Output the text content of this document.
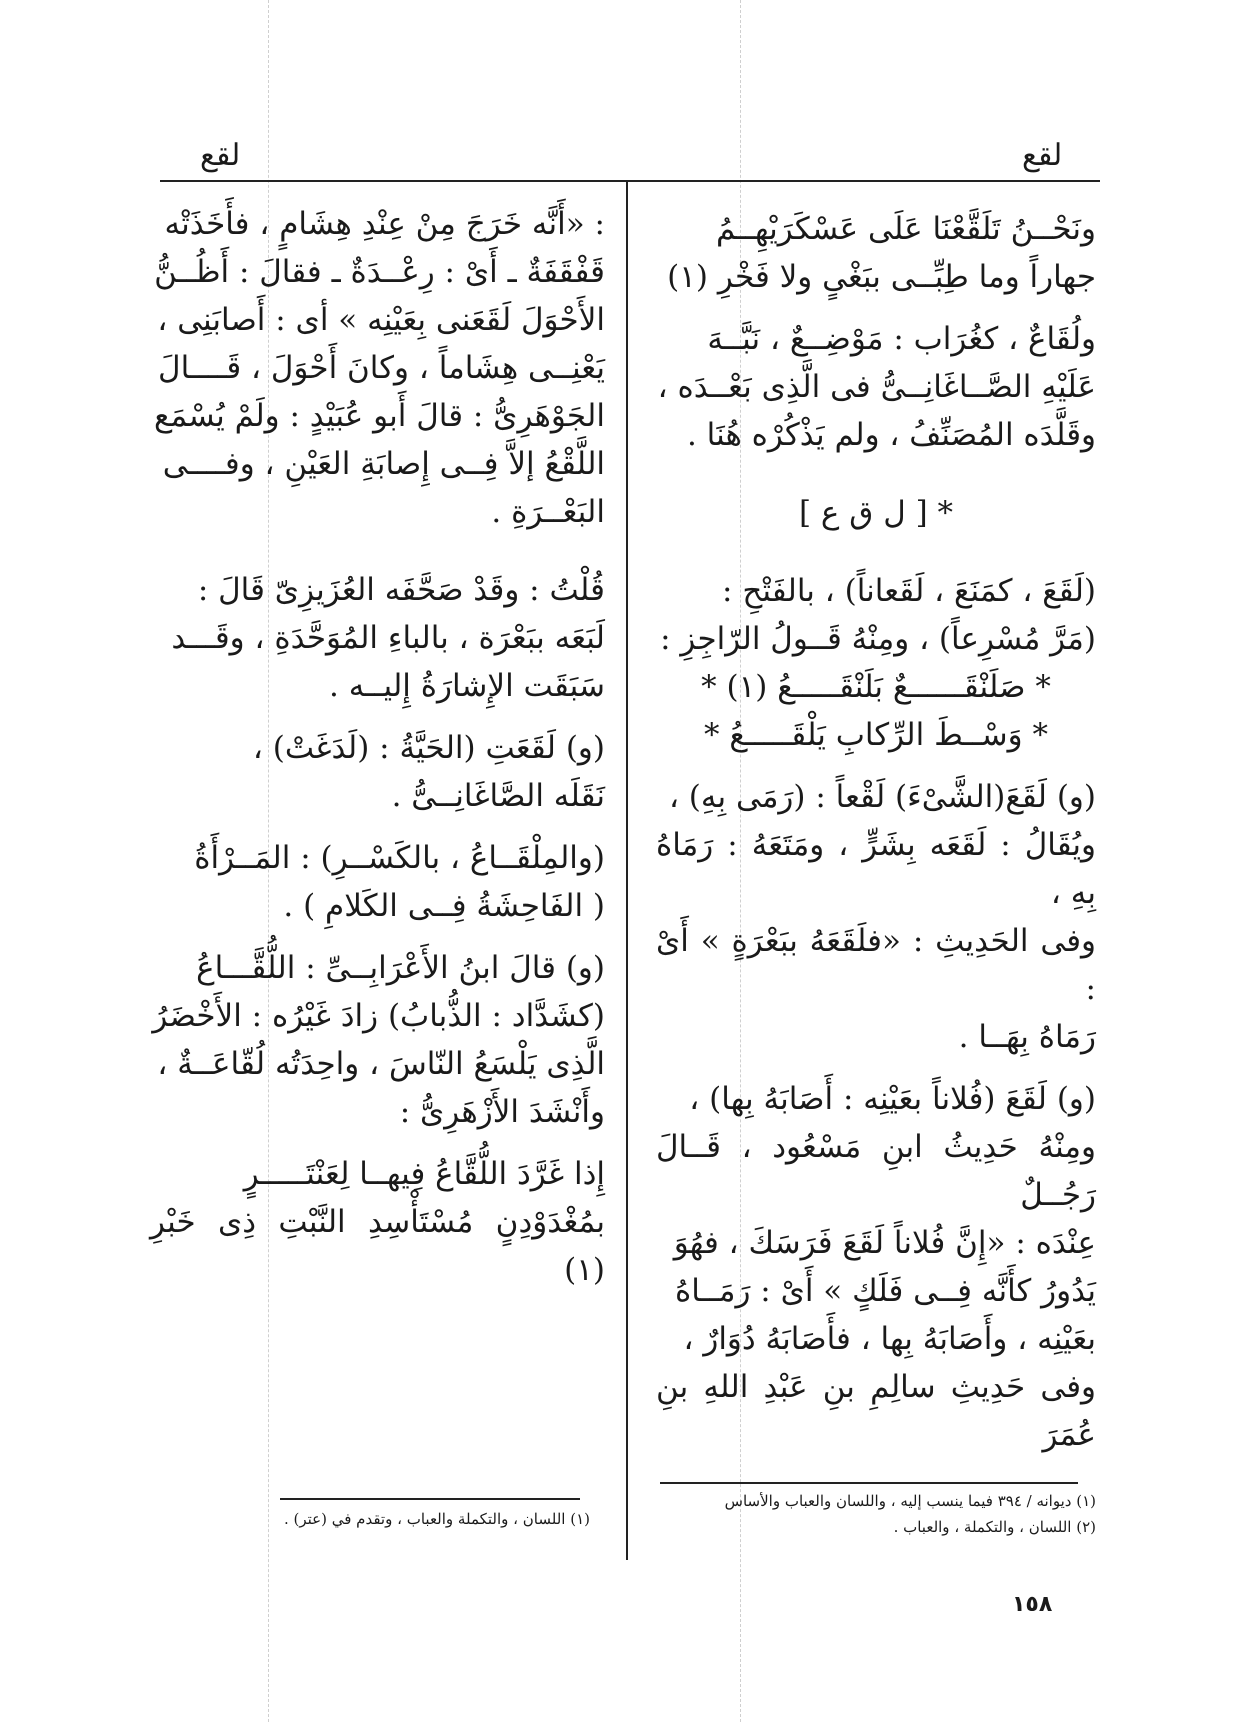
لقع
لقع

ونَحْــنُ تَلَقَّعْنَا عَلَى عَسْكَرَيْهِــمُ

جهاراً وما طِبِّــى ببَغْىٍ ولا فَخْرِ (١)

ولُقَاعٌ ، كغُرَاب : مَوْضِــعٌ ، نَبَّــهَ

عَلَيْهِ الصَّــاغَانِــىُّ فى الَّذِى بَعْــدَه ،

وقَلَّدَه المُصَنِّفُ ، ولم يَذْكُرْه هُنَا .

* [ ل ق ع ]

(لَقَعَ ، كمَنَعَ ، لَقَعاناً) ، بالفَتْحِ :

(مَرَّ مُسْرِعاً) ، ومِنْهُ قَــولُ الرّاجِزِ :

* صَلَنْقَــــــعٌ بَلَنْقَـــــعُ (١) *

* وَسْــطَ الرِّكابِ يَلْقَـــــعُ *

(و) لَقَعَ(الشَّىْءَ) لَقْعاً : (رَمَى بِهِ) ،

ويُقَالُ : لَقَعَه بِشَرٍّ ، ومَتَعَهُ : رَمَاهُ بِهِ ،

وفى الحَدِيثِ : «فلَقَعَهُ ببَعْرَةٍ » أَىْ :

رَمَاهُ بِهَــا .

(و) لَقَعَ (فُلاناً بعَيْنِه : أَصَابَهُ بِها) ،

ومِنْهُ حَدِيثُ ابنِ مَسْعُود ، قَــالَ رَجُــلٌ

عِنْدَه : «إِنَّ فُلاناً لَقَعَ فَرَسَكَ ، فهُوَ

يَدُورُ كأَنَّه فِــى فَلَكٍ » أَىْ : رَمَــاهُ

بعَيْنِه ، وأَصَابَهُ بِها ، فأَصَابَهُ دُوَارٌ ،

وفى حَدِيثِ سالِمِ بنِ عَبْدِ اللهِ بنِ عُمَرَ

: «أَنَّه خَرَجَ مِنْ عِنْدِ هِشَامٍ ، فأَخَذَتْه

قَفْقَفَةٌ ـ أَىْ : رِعْــدَةٌ ـ فقالَ : أَظُــنُّ

الأَحْوَلَ لَقَعَنى بِعَيْنِه » أى : أَصابَنِى ،

يَعْنِــى هِشَاماً ، وكانَ أَحْوَلَ ، قَــــالَ

الجَوْهَرِىُّ : قالَ أَبو عُبَيْدٍ : ولَمْ يُسْمَع

اللَّقْعُ إلاَّ فِــى إِصابَةِ العَيْنِ ، وفــــى

البَعْــرَةِ .

قُلْتُ : وقَدْ صَحَّفَه العُزَيزِىّ قَالَ :

لَبَعَه ببَعْرَة ، بالباءِ المُوَحَّدَةِ ، وقَـــد

سَبَقَت الإِشارَةُ إِليــه .

(و) لَقَعَتِ (الحَيَّةُ : (لَدَغَتْ) ،

نَقَلَه الصَّاغَانِــىُّ .

(والمِلْقَــاعُ ، بالكَسْــرِ) : المَــرْأَةُ

( الفَاحِشَةُ فِــى الكَلامِ ) .

(و) قالَ ابنُ الأَعْرَابِــىِّ : اللُّقَّـــاعُ

(كشَدَّاد : الذُّبابُ) زادَ غَيْرُه : الأَخْضَرُ

الَّذِى يَلْسَعُ النّاسَ ، واحِدَتُه لُقّاعَــةٌ ،

وأَنْشَدَ الأَزْهَرِىُّ :

إِذا غَرَّدَ اللُّقَّاعُ فِيهــا لِعَنْتَـــــرٍ

بمُغْدَوْدِنٍ مُسْتَأْسِدِ النَّبْتِ ذِى خَبْرِ (١)

(١) ديوانه / ٣٩٤ فيما ينسب إليه ، واللسان والعباب والأساس
(٢) اللسان ، والتكملة ، والعباب .
(١) اللسان ، والتكملة والعباب ، وتقدم في (عتر) .
١٥٨
